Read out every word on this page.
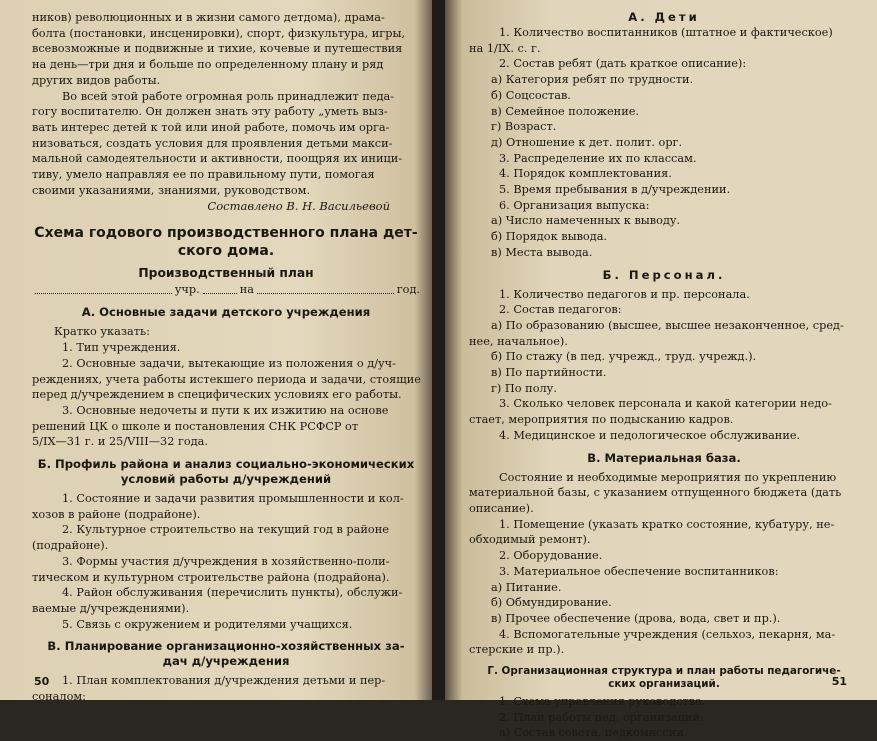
ников) революционных и в жизни самого детдома), драма-
болта (постановки, инсценировки), спорт, физкультура, игры,
всевозможные и подвижные и тихие, кочевые и путешествия
на день—три дня и больше по определенному плану и ряд
других видов работы.
Во всей этой работе огромная роль принадлежит педа-
гогу воспитателю. Он должен знать эту работу „уметь выз-
вать интерес детей к той или иной работе, помочь им орга-
низоваться, создать условия для проявления детьми макси-
мальной самодеятельности и активности, поощряя их иници-
тиву, умело направляя ее по правильному пути, помогая
своими указаниями, знаниями, руководством.
Составлено В. Н. Васильевой
Схема годового производственного плана дет-
ского дома.
Производственный план
учр.	на	год.
А. Основные задачи детского учреждения
Кратко указать:
1. Тип учреждения.
2. Основные задачи, вытекающие из положения о д/уч-
реждениях, учета работы истекшего периода и задачи, стоящие
перед д/учреждением в специфических условиях его работы.
3. Основные недочеты и пути к их изжитию на основе
решений ЦК о школе и постановления СНК РСФСР от
5/IX—31 г. и 25/VIII—32 года.
Б. Профиль района и анализ социально-экономических
условий работы д/учреждений
1. Состояние и задачи развития промышленности и кол-
хозов в районе (подрайоне).
2. Культурное строительство на текущий год в районе
(подрайоне).
3. Формы участия д/учреждения в хозяйственно-поли-
тическом и культурном строительстве района (подрайона).
4. Район обслуживания (перечислить пункты), обслужи-
ваемые д/учреждениями).
5. Связь с окружением и родителями учащихся.
В. Планирование организационно-хозяйственных за-
дач д/учреждения
1. План комплектования д/учреждения детьми и пер-
соналом:
50
А. Дети
1. Количество воспитанников (штатное и фактическое)
на 1/IX. с. г.
2. Состав ребят (дать краткое описание):
а) Категория ребят по трудности.
б) Соцсостав.
в) Семейное положение.
г) Возраст.
д) Отношение к дет. полит. орг.
3. Распределение их по классам.
4. Порядок комплектования.
5. Время пребывания в д/учреждении.
6. Организация выпуска:
а) Число намеченных к выводу.
б) Порядок вывода.
в) Места вывода.
Б. Персонал.
1. Количество педагогов и пр. персонала.
2. Состав педагогов:
а) По образованию (высшее, высшее незаконченное, сред-
нее, начальное).
б) По стажу (в пед. учрежд., труд. учрежд.).
в) По партийности.
г) По полу.
3. Сколько человек персонала и какой категории недо-
стает, мероприятия по подысканию кадров.
4. Медицинское и педологическое обслуживание.
В. Материальная база.
Состояние и необходимые мероприятия по укреплению
материальной базы, с указанием отпущенного бюджета (дать
описание).
1. Помещение (указать кратко состояние, кубатуру, не-
обходимый ремонт).
2. Оборудование.
3. Материальное обеспечение воспитанников:
а) Питание.
б) Обмундирование.
в) Прочее обеспечение (дрова, вода, свет и пр.).
4. Вспомогательные учреждения (сельхоз, пекарня, ма-
стерские и пр.).
Г. Организационная структура и план работы педагогиче-
ских организаций.
1. Схема управления руководства.
2. План работы пед. организаций:
а) Состав совета, педкомиссии.
51
